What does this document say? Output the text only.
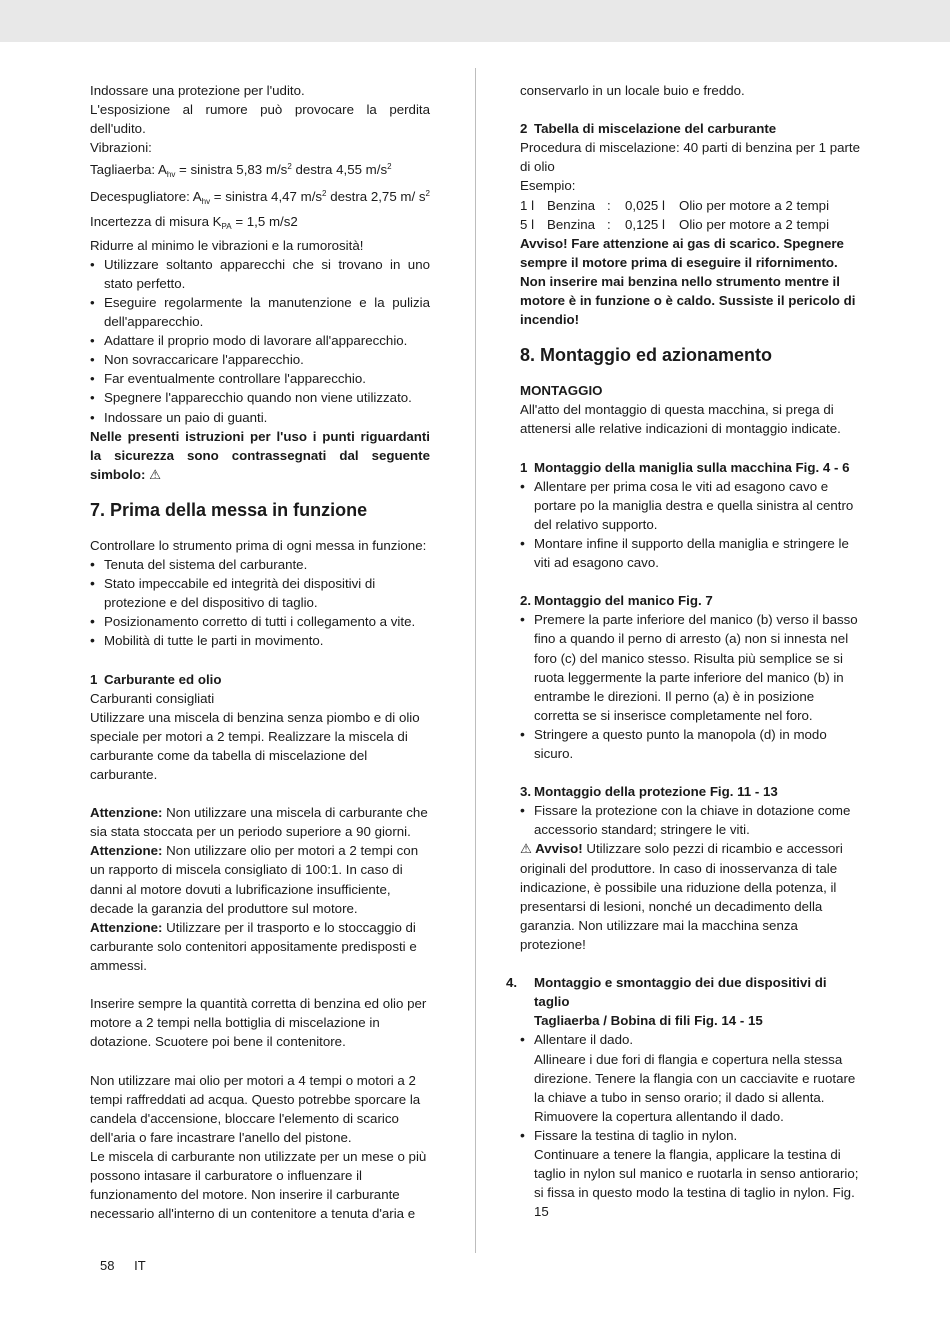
Indossare una protezione per l'udito.

L'esposizione al rumore può provocare la perdita dell'udito.

Vibrazioni:

Tagliaerba: $A_{hv}$ = sinistra 5,83 $m/s^2$ destra 4,55 $m/s^2$

Decespugliatore: $A_{hv}$ = sinistra 4,47 $m/s^2$ destra 2,75 m/ $s^2$

Incertezza di misura $K_{PA} = 1,5$ m/s2

Ridurre al minimo le vibrazioni e la rumorosità!

• Utilizzare soltanto apparecchi che si trovano in uno stato perfetto.
• Eseguire regolarmente la manutenzione e la pulizia dell'apparecchio.
• Adattare il proprio modo di lavorare all'apparecchio.
• Non sovraccaricare l'apparecchio.
• Far eventualmente controllare l'apparecchio.
• Spegnere l'apparecchio quando non viene utilizzato.
• Indossare un paio di guanti.

Nelle presenti istruzioni per l'uso i punti riguardanti la sicurezza sono contrassegnati dal seguente simbolo: ⚠

7. Prima della messa in funzione

Controllare lo strumento prima di ogni messa in funzione:

• Tenuta del sistema del carburante.
• Stato impeccabile ed integrità dei dispositivi di protezione e del dispositivo di taglio.
• Posizionamento corretto di tutti i collegamento a vite.
• Mobilità di tutte le parti in movimento.

1 Carburante ed olio

Carburanti consigliati

Utilizzare una miscela di benzina senza piombo e di olio speciale per motori a 2 tempi. Realizzare la miscela di carburante come da tabella di miscelazione del carburante.

Attenzione: Non utilizzare una miscela di carburante che sia stata stoccata per un periodo superiore a 90 giorni.

Attenzione: Non utilizzare olio per motori a 2 tempi con un rapporto di miscela consigliato di 100:1. In caso di danni al motore dovuti a lubrificazione insufficiente, decade la garanzia del produttore sul motore.

Attenzione: Utilizzare per il trasporto e lo stoccaggio di carburante solo contenitori appositamente predisposti e ammessi.

Inserire sempre la quantità corretta di benzina ed olio per motore a 2 tempi nella bottiglia di miscelazione in dotazione. Scuotere poi bene il contenitore.

Non utilizzare mai olio per motori a 4 tempi o motori a 2 tempi raffreddati ad acqua. Questo potrebbe sporcare la candela d'accensione, bloccare l'elemento di scarico dell'aria o fare incastrare l'anello del pistone.

Le miscela di carburante non utilizzate per un mese o più possono intasare il carburatore o influenzare il funzionamento del motore. Non inserire il carburante necessario all'interno di un contenitore a tenuta d'aria e

conservarlo in un locale buio e freddo.

2 Tabella di miscelazione del carburante

Procedura di miscelazione: 40 parti di benzina per 1 parte di olio

Esempio:

1 l Benzina : 0,025 l Olio per motore a 2 tempi

5 l Benzina : 0,125 l Olio per motore a 2 tempi

Avviso! Fare attenzione ai gas di scarico. Spegnere sempre il motore prima di eseguire il rifornimento. Non inserire mai benzina nello strumento mentre il motore è in funzione o è caldo. Sussiste il pericolo di incendio!

8. Montaggio ed azionamento

MONTAGGIO

All'atto del montaggio di questa macchina, si prega di attenersi alle relative indicazioni di montaggio indicate.

1 Montaggio della maniglia sulla macchina Fig. 4 - 6

• Allentare per prima cosa le viti ad esagono cavo e portare po la maniglia destra e quella sinistra al centro del relativo supporto.
• Montare infine il supporto della maniglia e stringere le viti ad esagono cavo.

2. Montaggio del manico Fig. 7

• Premere la parte inferiore del manico (b) verso il basso fino a quando il perno di arresto (a) non si innesta nel foro (c) del manico stesso. Risulta più semplice se si ruota leggermente la parte inferiore del manico (b) in entrambe le direzioni. Il perno (a) è in posizione corretta se si inserisce completamente nel foro.
• Stringere a questo punto la manopola (d) in modo sicuro.

3. Montaggio della protezione Fig. 11 - 13

• Fissare la protezione con la chiave in dotazione come accessorio standard; stringere le viti.

⚠ Avviso! Utilizzare solo pezzi di ricambio e accessori originali del produttore. In caso di inosservanza di tale indicazione, è possibile una riduzione della potenza, il presentarsi di lesioni, nonché un decadimento della garanzia. Non utilizzare mai la macchina senza protezione!

4. Montaggio e smontaggio dei due dispositivi di taglio

Tagliaerba / Bobina di fili Fig. 14 - 15

• Allentare il dado.
Allineare i due fori di flangia e copertura nella stessa direzione. Tenere la flangia con un cacciavite e ruotare la chiave a tubo in senso orario; il dado si allenta. Rimuovere la copertura allentando il dado.
• Fissare la testina di taglio in nylon.
Continuare a tenere la flangia, applicare la testina di taglio in nylon sul manico e ruotarla in senso antiorario; si fissa in questo modo la testina di taglio in nylon. Fig. 15
58 IT
